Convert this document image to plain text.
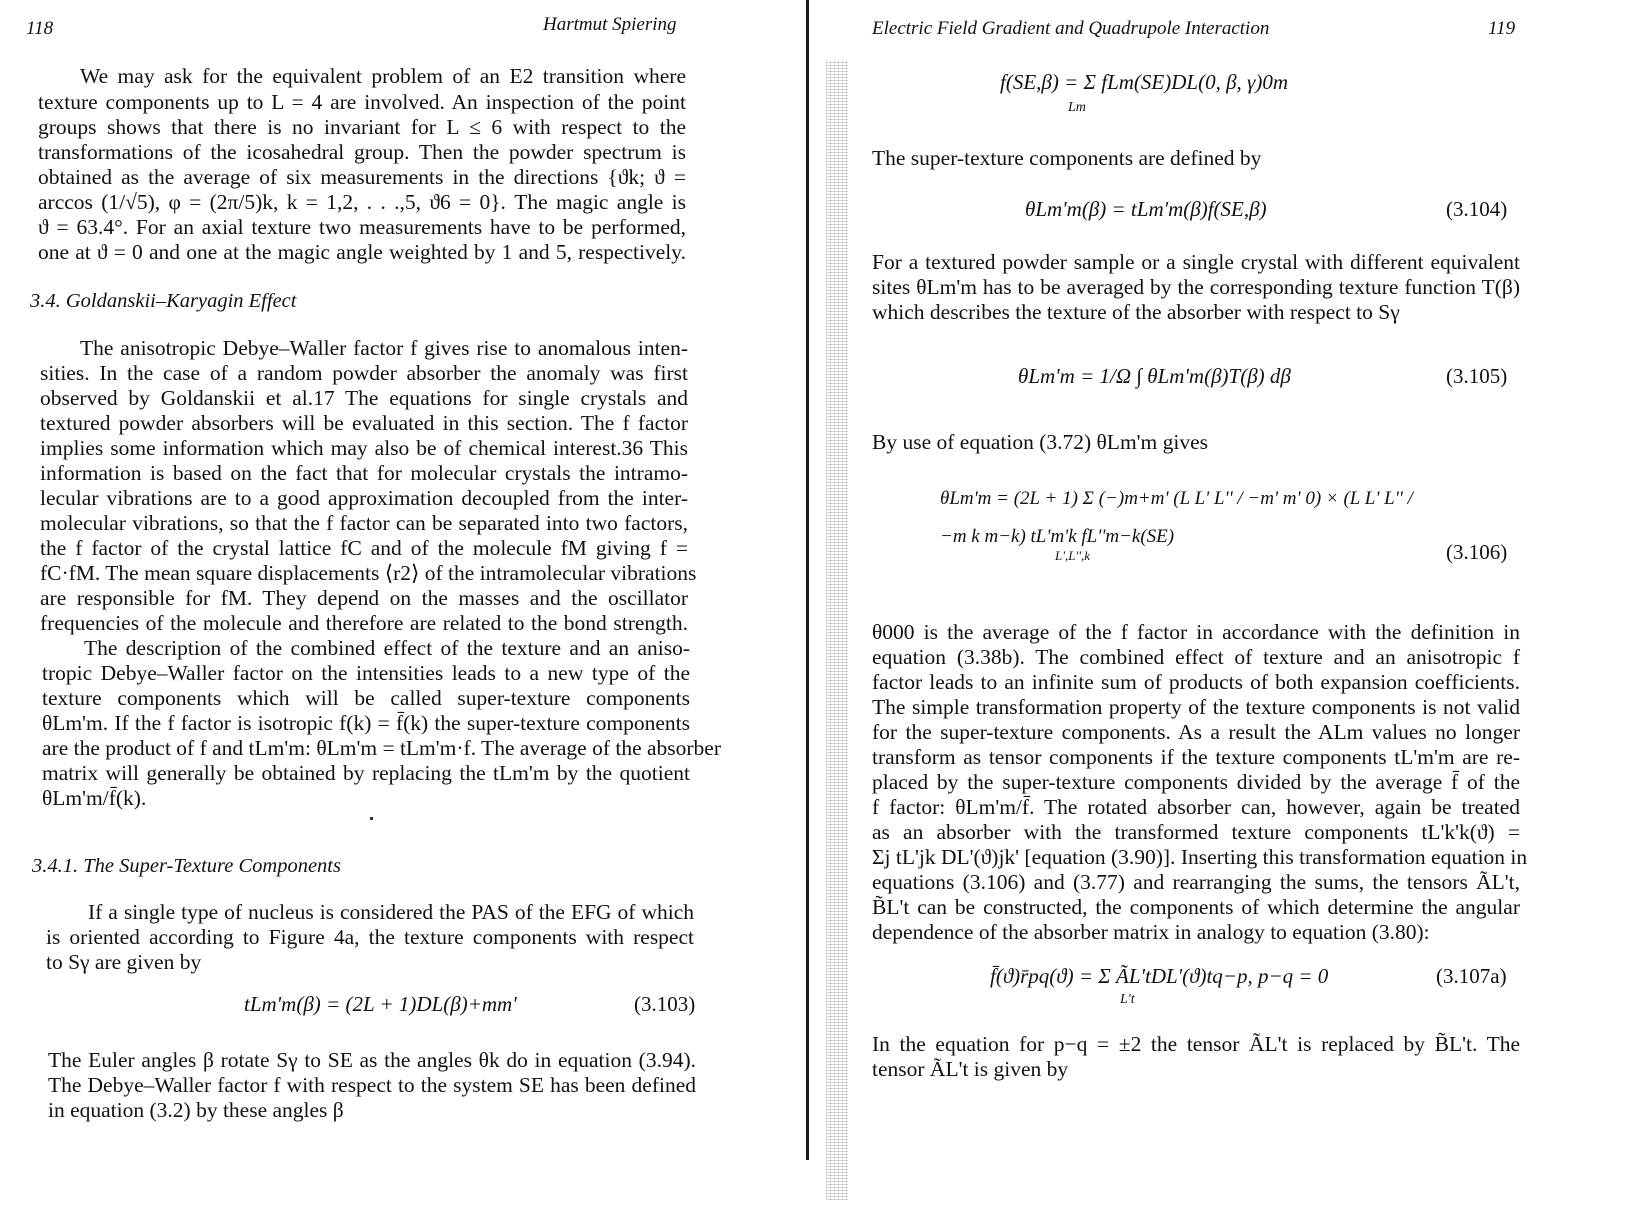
118	Hartmut Spiering
We may ask for the equivalent problem of an E2 transition where
texture components up to L = 4 are involved. An inspection of the point
groups shows that there is no invariant for L ≤ 6 with respect to the
transformations of the icosahedral group. Then the powder spectrum is
obtained as the average of six measurements in the directions {ϑk; ϑ =
arccos (1/√5), φ = (2π/5)k, k = 1,2, . . .,5, ϑ6 = 0}. The magic angle is
ϑ = 63.4°. For an axial texture two measurements have to be performed,
one at ϑ = 0 and one at the magic angle weighted by 1 and 5, respectively.
3.4. Goldanskii–Karyagin Effect
The anisotropic Debye–Waller factor f gives rise to anomalous inten-
sities. In the case of a random powder absorber the anomaly was first
observed by Goldanskii et al.17 The equations for single crystals and
textured powder absorbers will be evaluated in this section. The f factor
implies some information which may also be of chemical interest.36 This
information is based on the fact that for molecular crystals the intramo-
lecular vibrations are to a good approximation decoupled from the inter-
molecular vibrations, so that the f factor can be separated into two factors,
the f factor of the crystal lattice fC and of the molecule fM giving f =
fC·fM. The mean square displacements ⟨r2⟩ of the intramolecular vibrations
are responsible for fM. They depend on the masses and the oscillator
frequencies of the molecule and therefore are related to the bond strength.
The description of the combined effect of the texture and an aniso-
tropic Debye–Waller factor on the intensities leads to a new type of the
texture components which will be called super-texture components
θLm'm. If the f factor is isotropic f(k) = f̄(k) the super-texture components
are the product of f and tLm'm: θLm'm = tLm'm·f. The average of the absorber
matrix will generally be obtained by replacing the tLm'm by the quotient
θLm'm/f̄(k).
3.4.1. The Super-Texture Components
If a single type of nucleus is considered the PAS of the EFG of which
is oriented according to Figure 4a, the texture components with respect
to Sγ are given by
tLm'm(β) = (2L + 1)DL(β)+mm'	(3.103)
The Euler angles β rotate Sγ to SE as the angles θk do in equation (3.94).
The Debye–Waller factor f with respect to the system SE has been defined
in equation (3.2) by these angles β
Electric Field Gradient and Quadrupole Interaction	119
f(SE,β) = Σ fLm(SE)DL(0, β, γ)0m
Lm
The super-texture components are defined by
θLm'm(β) = tLm'm(β)f(SE,β)	(3.104)
For a textured powder sample or a single crystal with different equivalent
sites θLm'm has to be averaged by the corresponding texture function T(β)
which describes the texture of the absorber with respect to Sγ
θLm'm = 1/Ω ∫ θLm'm(β)T(β) dβ	(3.105)
By use of equation (3.72) θLm'm gives
θLm'm = (2L + 1) Σ (−)m+m' (L L' L'' / −m' m' 0) × (L L' L'' / −m k m−k) tL'm'k fL''m−k(SE)
L',L'',k	(3.106)
θ000 is the average of the f factor in accordance with the definition in
equation (3.38b). The combined effect of texture and an anisotropic f
factor leads to an infinite sum of products of both expansion coefficients.
The simple transformation property of the texture components is not valid
for the super-texture components. As a result the ALm values no longer
transform as tensor components if the texture components tL'm'm are re-
placed by the super-texture components divided by the average f̄ of the
f factor: θLm'm/f̄. The rotated absorber can, however, again be treated
as an absorber with the transformed texture components tL'k'k(ϑ) =
Σj tL'jk DL'(ϑ)jk' [equation (3.90)]. Inserting this transformation equation in
equations (3.106) and (3.77) and rearranging the sums, the tensors ÃL't,
B̃L't can be constructed, the components of which determine the angular
dependence of the absorber matrix in analogy to equation (3.80):
f̄(ϑ)r̄pq(ϑ) = Σ ÃL'tDL'(ϑ)tq−p, p−q = 0
L't
(3.107a)
In the equation for p−q = ±2 the tensor ÃL't is replaced by B̃L't. The
tensor ÃL't is given by
